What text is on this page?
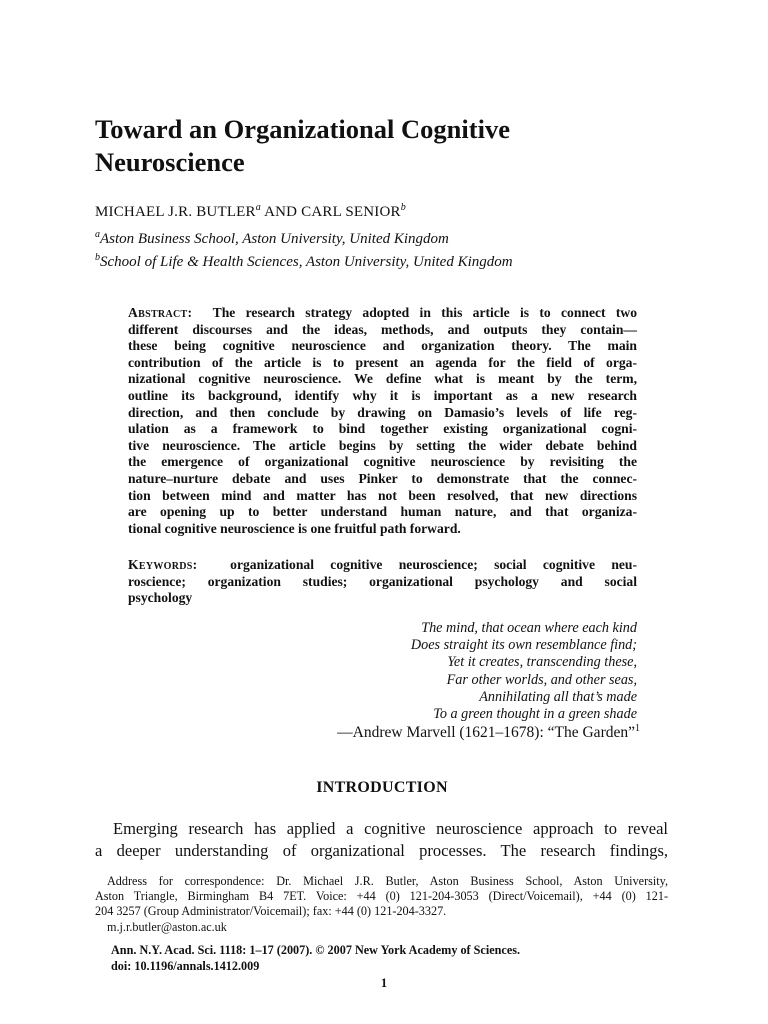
Toward an Organizational Cognitive
Neuroscience
MICHAEL J.R. BUTLER$^a$ AND CARL SENIOR$^b$
$^a$Aston Business School, Aston University, United Kingdom
$^b$School of Life & Health Sciences, Aston University, United Kingdom
Abstract: The research strategy adopted in this article is to connect two
different discourses and the ideas, methods, and outputs they contain—
these being cognitive neuroscience and organization theory. The main
contribution of the article is to present an agenda for the field of orga-
nizational cognitive neuroscience. We define what is meant by the term,
outline its background, identify why it is important as a new research
direction, and then conclude by drawing on Damasio’s levels of life reg-
ulation as a framework to bind together existing organizational cogni-
tive neuroscience. The article begins by setting the wider debate behind
the emergence of organizational cognitive neuroscience by revisiting the
nature–nurture debate and uses Pinker to demonstrate that the connec-
tion between mind and matter has not been resolved, that new directions
are opening up to better understand human nature, and that organiza-
tional cognitive neuroscience is one fruitful path forward.
Keywords: organizational cognitive neuroscience; social cognitive neu-
roscience; organization studies; organizational psychology and social
psychology
The mind, that ocean where each kind
Does straight its own resemblance find;
Yet it creates, transcending these,
Far other worlds, and other seas,
Annihilating all that’s made
To a green thought in a green shade
—Andrew Marvell (1621–1678): “The Garden”$^1$
INTRODUCTION
Emerging research has applied a cognitive neuroscience approach to reveal
a deeper understanding of organizational processes. The research findings,
Address for correspondence: Dr. Michael J.R. Butler, Aston Business School, Aston University,
Aston Triangle, Birmingham B4 7ET. Voice: +44 (0) 121-204-3053 (Direct/Voicemail), +44 (0) 121-
204 3257 (Group Administrator/Voicemail); fax: +44 (0) 121-204-3327.
m.j.r.butler@aston.ac.uk
Ann. N.Y. Acad. Sci. 1118: 1–17 (2007). © 2007 New York Academy of Sciences.
doi: 10.1196/annals.1412.009
1
